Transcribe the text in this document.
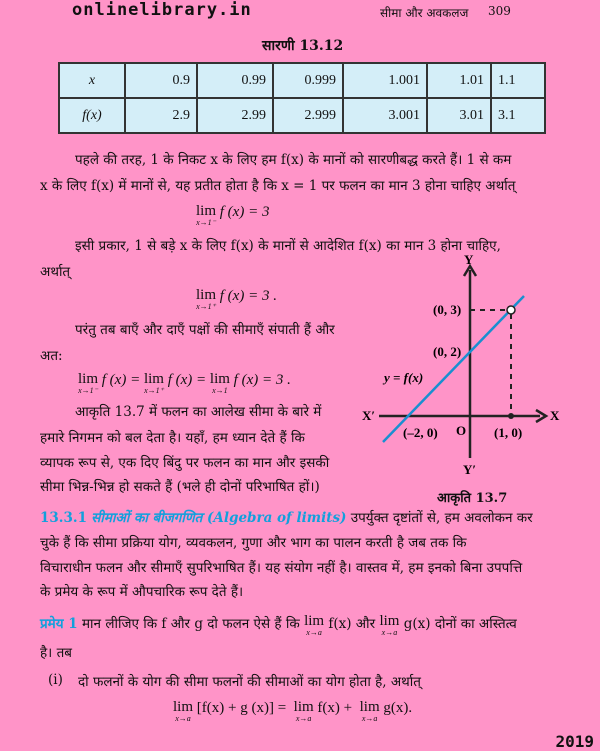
onlinelibrary.in	सीमा और अवकलज 309
सारणी 13.12
x	0.9	0.99	0.999	1.001	1.01	1.1
f(x)	2.9	2.99	2.999	3.001	3.01	3.1
पहले की तरह, 1 के निकट x के लिए हम f(x) के मानों को सारणीबद्ध करते हैं। 1 से कम
x के लिए f(x) में मानों से, यह प्रतीत होता है कि x = 1 पर फलन का मान 3 होना चाहिए अर्थात्
lim
x→1⁻
f (x) = 3
इसी प्रकार, 1 से बड़े x के लिए f(x) के मानों से आदेशित f(x) का मान 3 होना चाहिए,
अर्थात्
lim
x→1⁺
f (x) = 3 .
परंतु तब बाएँ और दाएँ पक्षों की सीमाएँ संपाती हैं और
अत:
lim
x→1⁻
f (x) = lim
x→1⁺
f (x) = lim
x→1
f (x) = 3 .
आकृति 13.7 में फलन का आलेख सीमा के बारे में
हमारे निगमन को बल देता है। यहाँ, हम ध्यान देते हैं कि
व्यापक रूप से, एक दिए बिंदु पर फलन का मान और इसकी
सीमा भिन्न-भिन्न हो सकते हैं (भले ही दोनों परिभाषित हों।)
(0, 3)
(0, 2)
y = f(x)
X′	X
(–2, 0) O (1, 0)
Y
Y′
आकृति 13.7
13.3.1 सीमाओं का बीजगणित (Algebra of limits) उपर्युक्त दृष्टांतों से, हम अवलोकन कर
चुके हैं कि सीमा प्रक्रिया योग, व्यवकलन, गुणा और भाग का पालन करती है जब तक कि
विचाराधीन फलन और सीमाएँ सुपरिभाषित हैं। यह संयोग नहीं है। वास्तव में, हम इनको बिना उपपत्ति
के प्रमेय के रूप में औपचारिक रूप देते हैं।
प्रमेय 1 मान लीजिए कि f और g दो फलन ऐसे हैं कि lim
x→a
f(x) और lim
x→a
g(x) दोनों का अस्तित्व
है। तब
(i) दो फलनों के योग की सीमा फलनों की सीमाओं का योग होता है, अर्थात्
lim
x→a
[f(x) + g (x)] = lim
x→a
f(x) + lim
x→a
g(x).
2019
